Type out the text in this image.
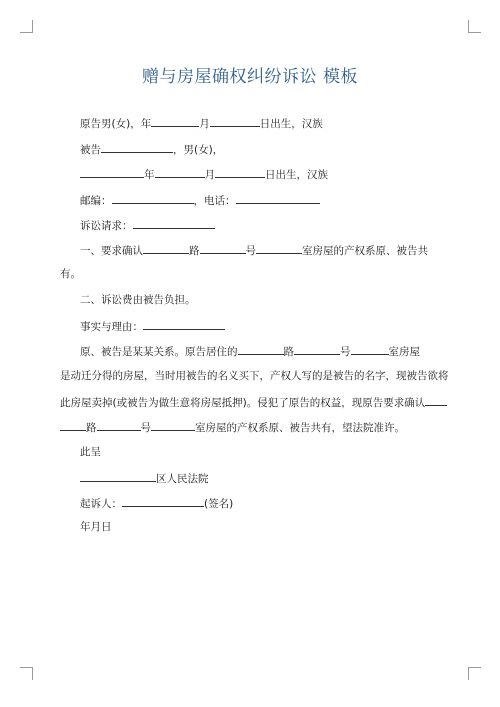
赠与房屋确权纠纷诉讼 模板
原告男(女)，年	月	日出生，汉族
被告	，男(女)，
年	月	日出生，汉族
邮编：	，电话：
诉讼请求：
一、要求确认	路	号	室房屋的产权系原、被告共
有。
二、诉讼费由被告负担。
事实与理由：
原、被告是某某关系。原告居住的	路	号	室房屋
是动迁分得的房屋，当时用被告的名义买下，产权人写的是被告的名字，现被告欲将
此房屋卖掉(或被告为做生意将房屋抵押)。侵犯了原告的权益，现原告要求确认
路	号	室房屋的产权系原、被告共有，望法院准许。
此呈
区人民法院
起诉人：	(签名)
年月日
